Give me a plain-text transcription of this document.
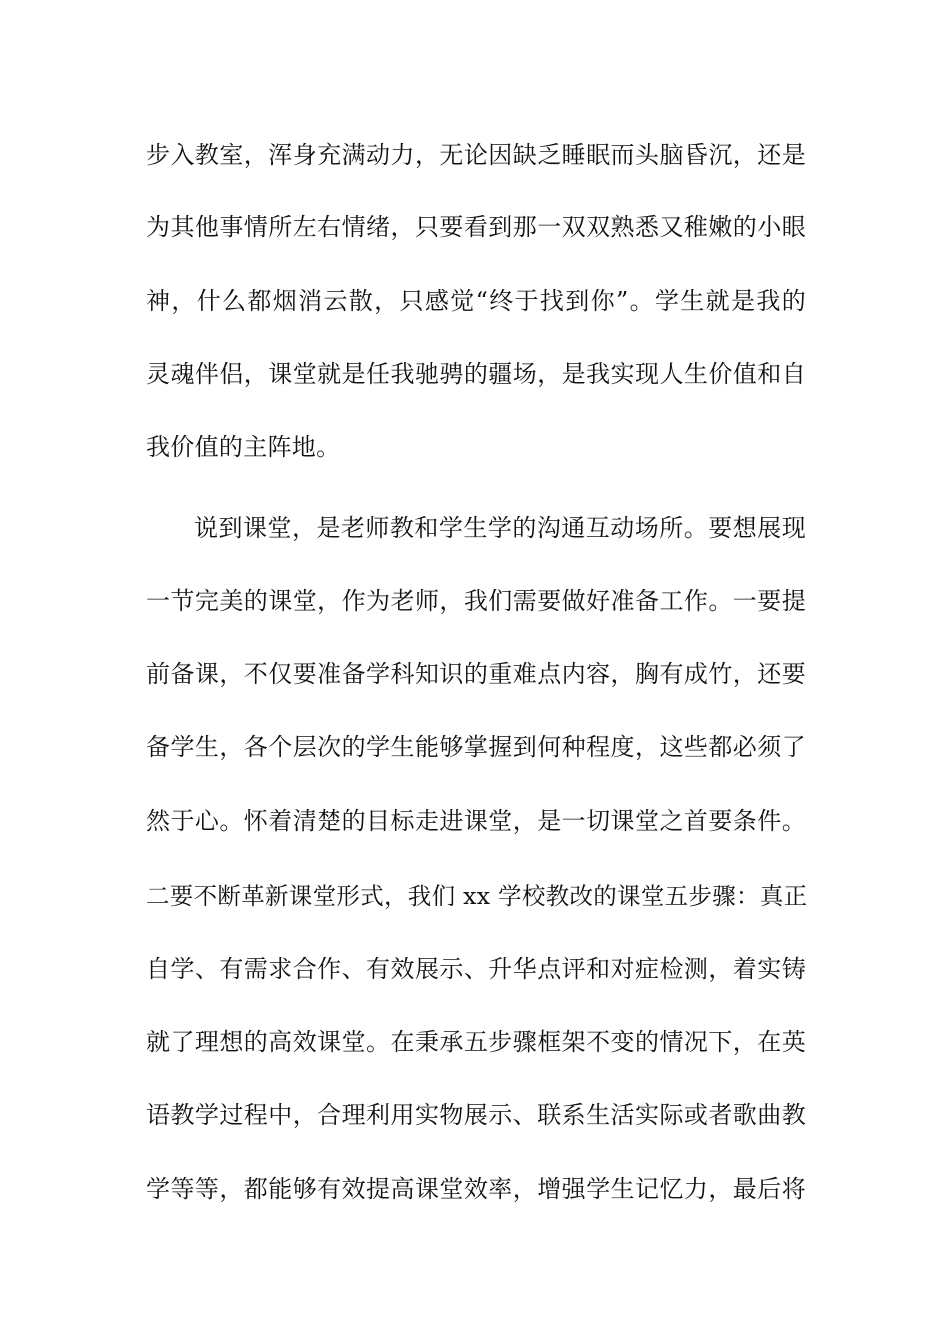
步入教室，浑身充满动力，无论因缺乏睡眠而头脑昏沉，还是
为其他事情所左右情绪，只要看到那一双双熟悉又稚嫩的小眼
神，什么都烟消云散，只感觉“终于找到你”。学生就是我的
灵魂伴侣，课堂就是任我驰骋的疆场，是我实现人生价值和自
我价值的主阵地。
说到课堂，是老师教和学生学的沟通互动场所。要想展现
一节完美的课堂，作为老师，我们需要做好准备工作。一要提
前备课，不仅要准备学科知识的重难点内容，胸有成竹，还要
备学生，各个层次的学生能够掌握到何种程度，这些都必须了
然于心。怀着清楚的目标走进课堂，是一切课堂之首要条件。
二要不断革新课堂形式，我们 xx 学校教改的课堂五步骤：真正
自学、有需求合作、有效展示、升华点评和对症检测，着实铸
就了理想的高效课堂。在秉承五步骤框架不变的情况下，在英
语教学过程中，合理利用实物展示、联系生活实际或者歌曲教
学等等，都能够有效提高课堂效率，增强学生记忆力，最后将
